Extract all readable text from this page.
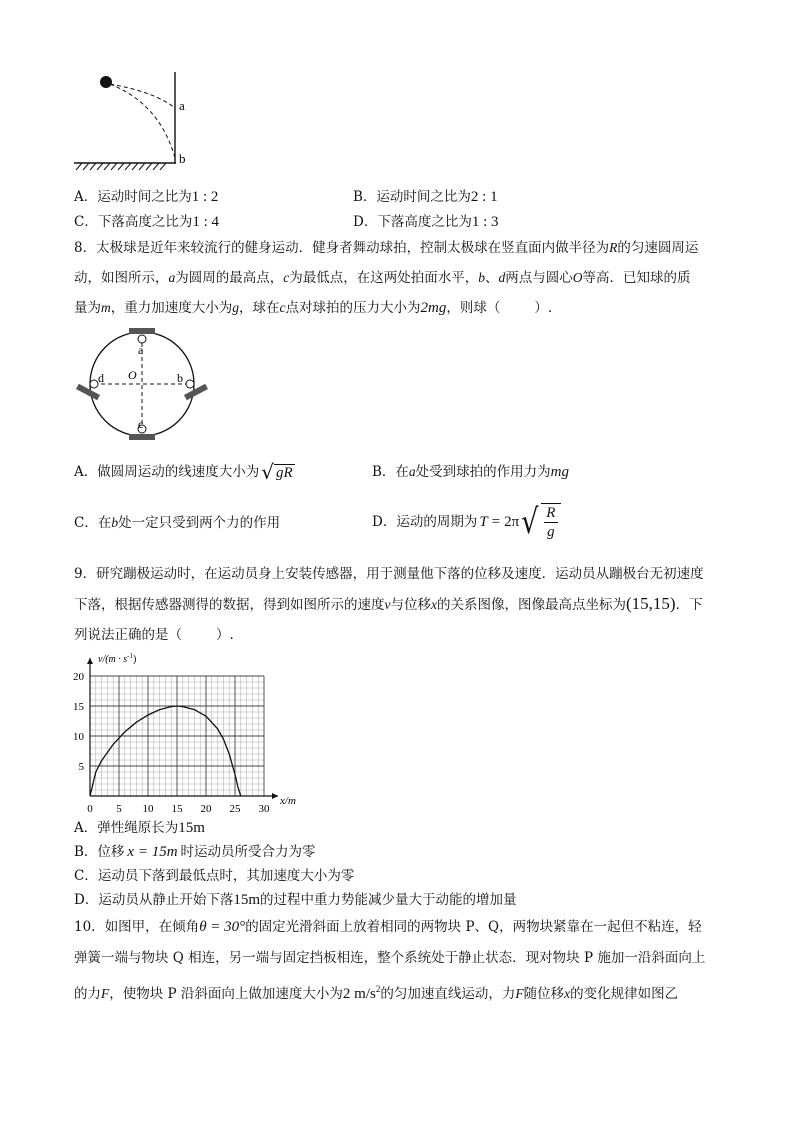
a
b
A．运动时间之比为1 : 2	B．运动时间之比为2 : 1
C．下落高度之比为1 : 4	D．下落高度之比为1 : 3
8．太极球是近年来较流行的健身运动．健身者舞动球拍，控制太极球在竖直面内做半径为R的匀速圆周运
动，如图所示，a为圆周的最高点，c为最低点，在这两处拍面水平，b、d两点与圆心O等高．已知球的质
量为m，重力加速度大小为g，球在c点对球拍的压力大小为2mg，则球（	）.
a
O
d	b
c
A． 做圆周运动的线速度大小为 √ gR	B．在a处受到球拍的作用力为mg
C．在b处一定只受到两个力的作用	D． 运动的周期为 T = 2π √ R
g
9．研究蹦极运动时，在运动员身上安装传感器，用于测量他下落的位移及速度．运动员从蹦极台无初速度
下落，根据传感器测得的数据，得到如图所示的速度v与位移x的关系图像，图像最高点坐标为(15,15)．下
列说法正确的是（	）.
0 5 10 15 20 25 30
5
10
15
20
$v/(m \cdot s^{-1})$
x/m
A．弹性绳原长为15m
B．位移 x = 15m 时运动员所受合力为零
C．运动员下落到最低点时，其加速度大小为零
D．运动员从静止开始下落15m的过程中重力势能减少量大于动能的增加量
10．如图甲，在倾角θ = 30°的固定光滑斜面上放着相同的两物块 P、Q，两物块紧靠在一起但不粘连，轻
弹簧一端与物块 Q 相连，另一端与固定挡板相连，整个系统处于静止状态．现对物块 P 施加一沿斜面向上
的力F，使物块 P 沿斜面向上做加速度大小为2 $m/s^2$的匀加速直线运动，力F随位移x的变化规律如图乙
